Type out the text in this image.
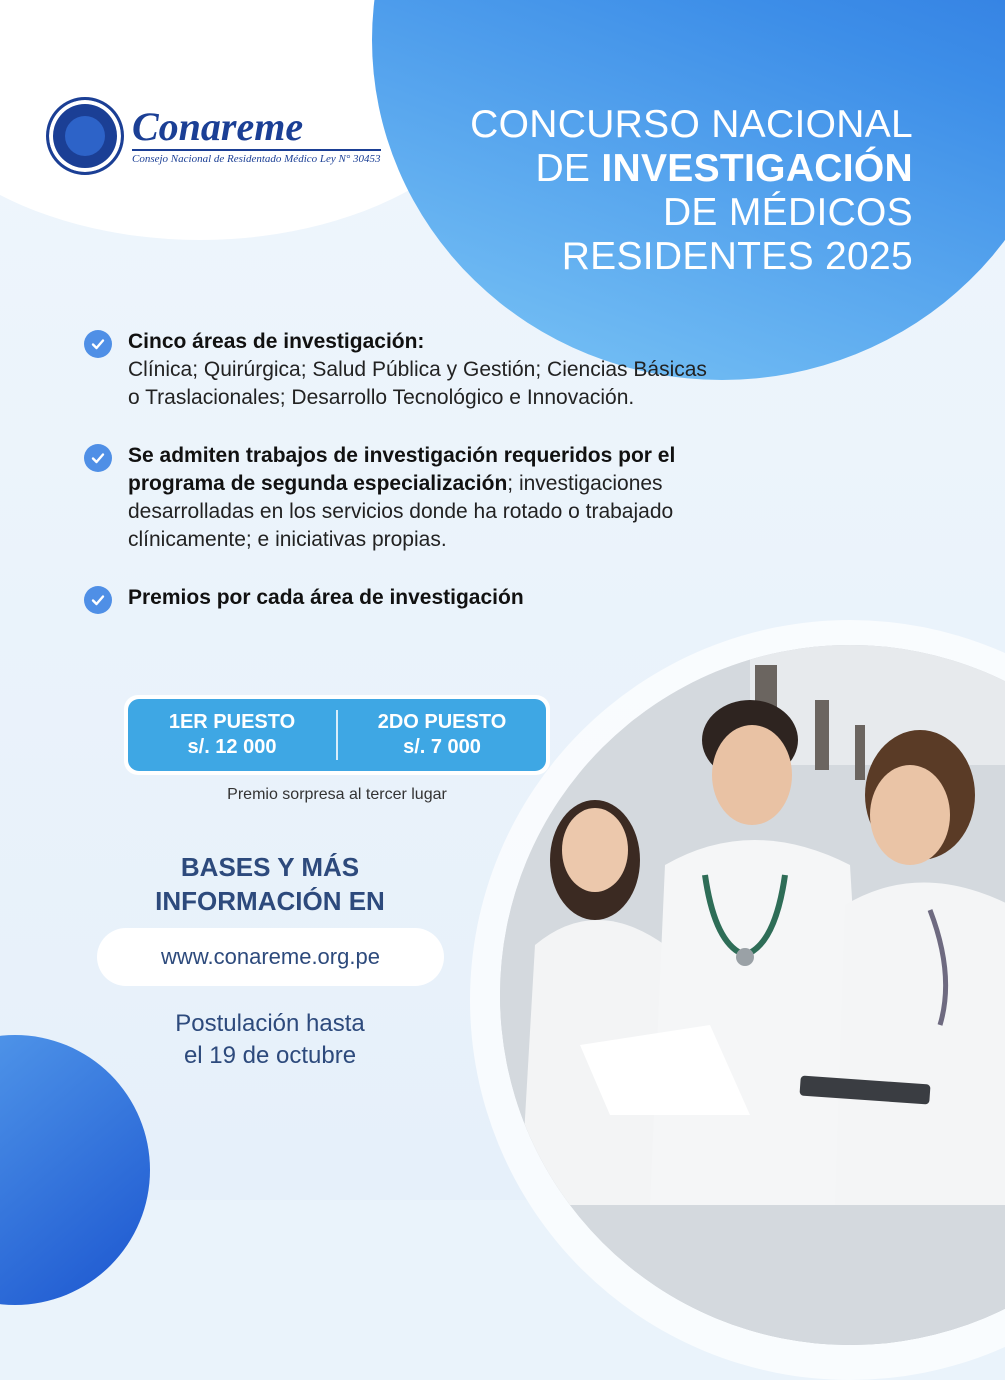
Conareme
Consejo Nacional de Residentado Médico Ley N° 30453
CONCURSO NACIONAL
DE INVESTIGACIÓN
DE MÉDICOS
RESIDENTES 2025
Cinco áreas de investigación:
Clínica; Quirúrgica; Salud Pública y Gestión; Ciencias Básicas o Traslacionales; Desarrollo Tecnológico e Innovación.
Se admiten trabajos de investigación requeridos por el programa de segunda especialización; investigaciones desarrolladas en los servicios donde ha rotado o trabajado clínicamente; e iniciativas propias.
Premios por cada área de investigación
1ER PUESTO
s/. 12 000
2DO PUESTO
s/. 7 000
Premio sorpresa al tercer lugar
BASES Y MÁS
INFORMACIÓN EN
www.conareme.org.pe
Postulación hasta
el 19 de octubre
